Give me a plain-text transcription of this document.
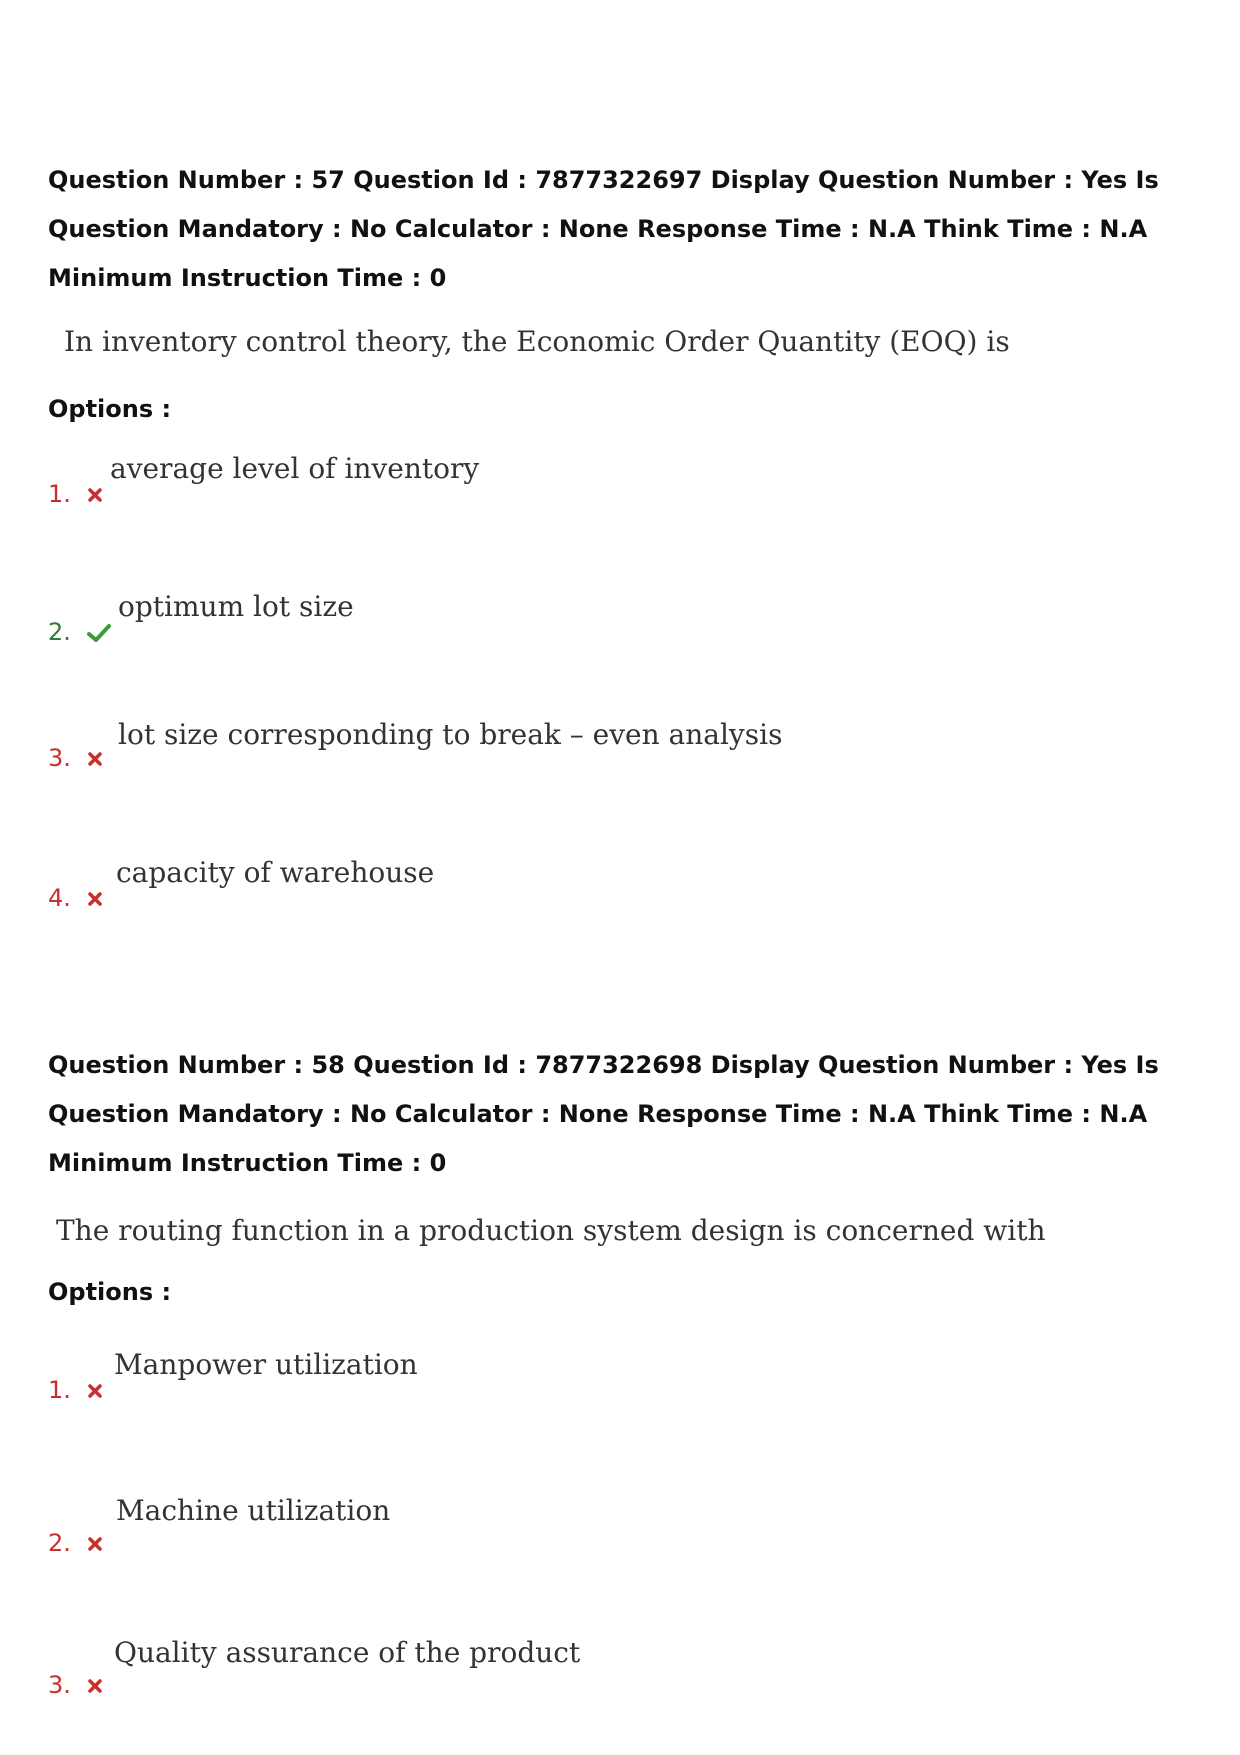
Question Number : 57 Question Id : 7877322697 Display Question Number : Yes Is Question Mandatory : No Calculator : None Response Time : N.A Think Time : N.A Minimum Instruction Time : 0
In inventory control theory, the Economic Order Quantity (EOQ) is
Options :
1.
average level of inventory
2.
optimum lot size
3.
lot size corresponding to break – even analysis
4.
capacity of warehouse
Question Number : 58 Question Id : 7877322698 Display Question Number : Yes Is Question Mandatory : No Calculator : None Response Time : N.A Think Time : N.A Minimum Instruction Time : 0
The routing function in a production system design is concerned with
Options :
1.
Manpower utilization
2.
Machine utilization
3.
Quality assurance of the product
